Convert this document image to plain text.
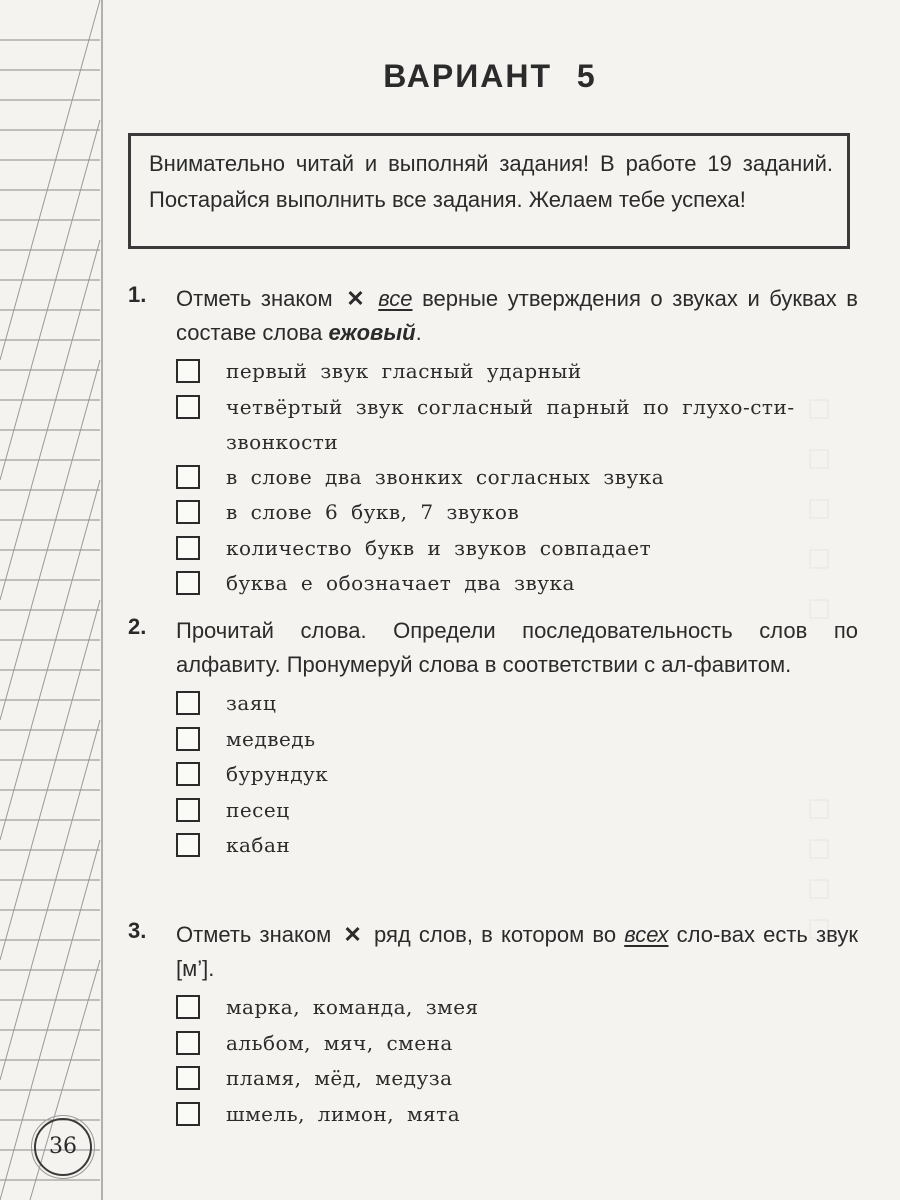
ВАРИАНТ 5
Внимательно читай и выполняй задания! В работе 19 заданий. Постарайся выполнить все задания. Желаем тебе успеха!
1. Отметь знаком ✕ все верные утверждения о звуках и буквах в составе слова ежовый.
первый звук гласный ударный
четвёртый звук согласный парный по глухо-сти-звонкости
в слове два звонких согласных звука
в слове 6 букв, 7 звуков
количество букв и звуков совпадает
буква е обозначает два звука
2. Прочитай слова. Определи последовательность слов по алфавиту. Пронумеруй слова в соответствии с ал-фавитом.
заяц
медведь
бурундук
песец
кабан
3. Отметь знаком ✕ ряд слов, в котором во всех сло-вах есть звук [м’].
марка, команда, змея
альбом, мяч, смена
пламя, мёд, медуза
шмель, лимон, мята
36
